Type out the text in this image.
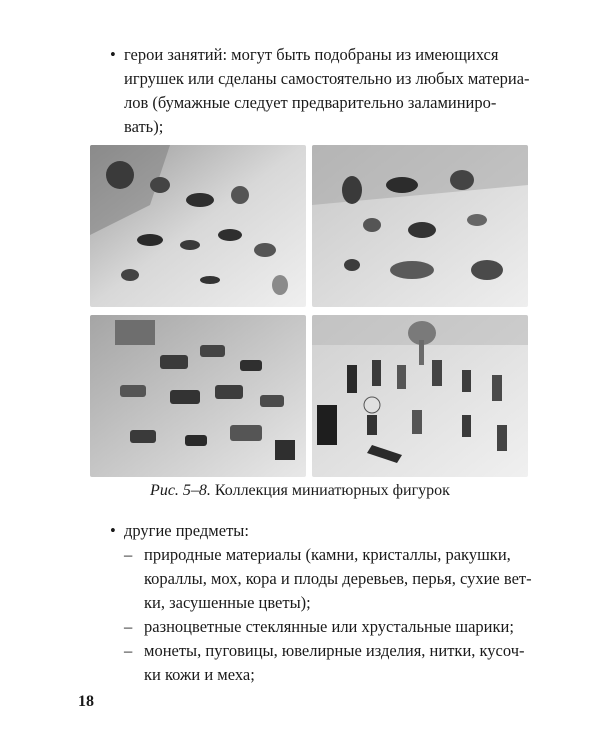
• герои занятий: могут быть подобраны из имеющихся
игрушек или сделаны самостоятельно из любых материа-
лов (бумажные следует предварительно заламиниро-
вать);
Рис. 5–8. Коллекция миниатюрных фигурок
• другие предметы:
– природные материалы (камни, кристаллы, ракушки,
кораллы, мох, кора и плоды деревьев, перья, сухие вет-
ки, засушенные цветы);
– разноцветные стеклянные или хрустальные шарики;
– монеты, пуговицы, ювелирные изделия, нитки, кусоч-
ки кожи и меха;
18
